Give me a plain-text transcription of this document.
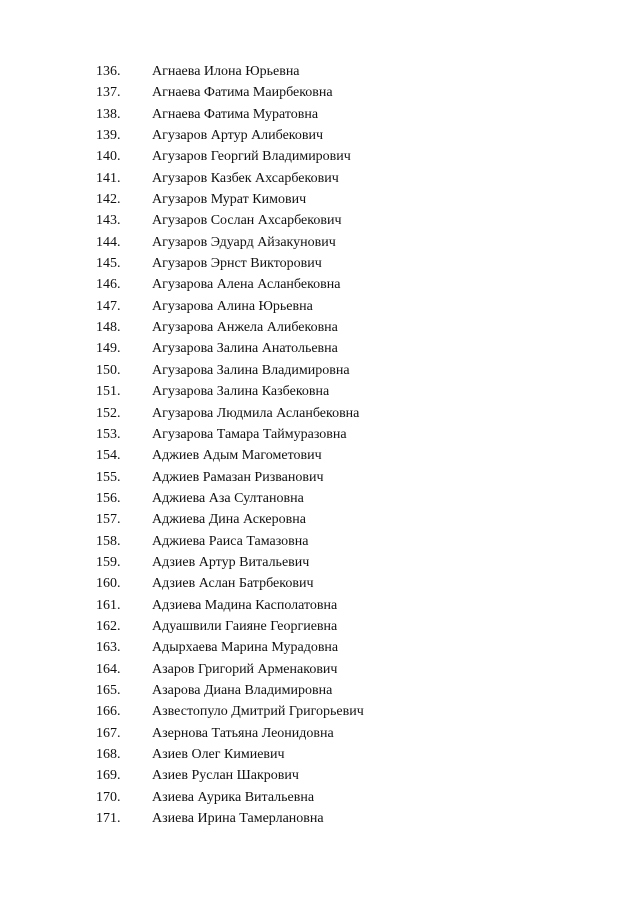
136.	Агнаева Илона Юрьевна
137.	Агнаева Фатима Маирбековна
138.	Агнаева Фатима Муратовна
139.	Агузаров Артур Алибекович
140.	Агузаров Георгий Владимирович
141.	Агузаров Казбек Ахсарбекович
142.	Агузаров Мурат Кимович
143.	Агузаров Сослан Ахсарбекович
144.	Агузаров Эдуард Айзакунович
145.	Агузаров Эрнст Викторович
146.	Агузарова Алена Асланбековна
147.	Агузарова Алина Юрьевна
148.	Агузарова Анжела Алибековна
149.	Агузарова Залина Анатольевна
150.	Агузарова Залина Владимировна
151.	Агузарова Залина Казбековна
152.	Агузарова Людмила Асланбековна
153.	Агузарова Тамара Таймуразовна
154.	Аджиев Адым Магометович
155.	Аджиев Рамазан Ризванович
156.	Аджиева Аза Султановна
157.	Аджиева Дина Аскеровна
158.	Аджиева Раиса Тамазовна
159.	Адзиев Артур Витальевич
160.	Адзиев Аслан Батрбекович
161.	Адзиева Мадина Касполатовна
162.	Адуашвили Гаияне Георгиевна
163.	Адырхаева Марина Мурадовна
164.	Азаров Григорий Арменакович
165.	Азарова Диана Владимировна
166.	Азвестопуло Дмитрий Григорьевич
167.	Азернова Татьяна Леонидовна
168.	Азиев Олег Кимиевич
169.	Азиев Руслан Шакрович
170.	Азиева Аурика Витальевна
171.	Азиева Ирина Тамерлановна
